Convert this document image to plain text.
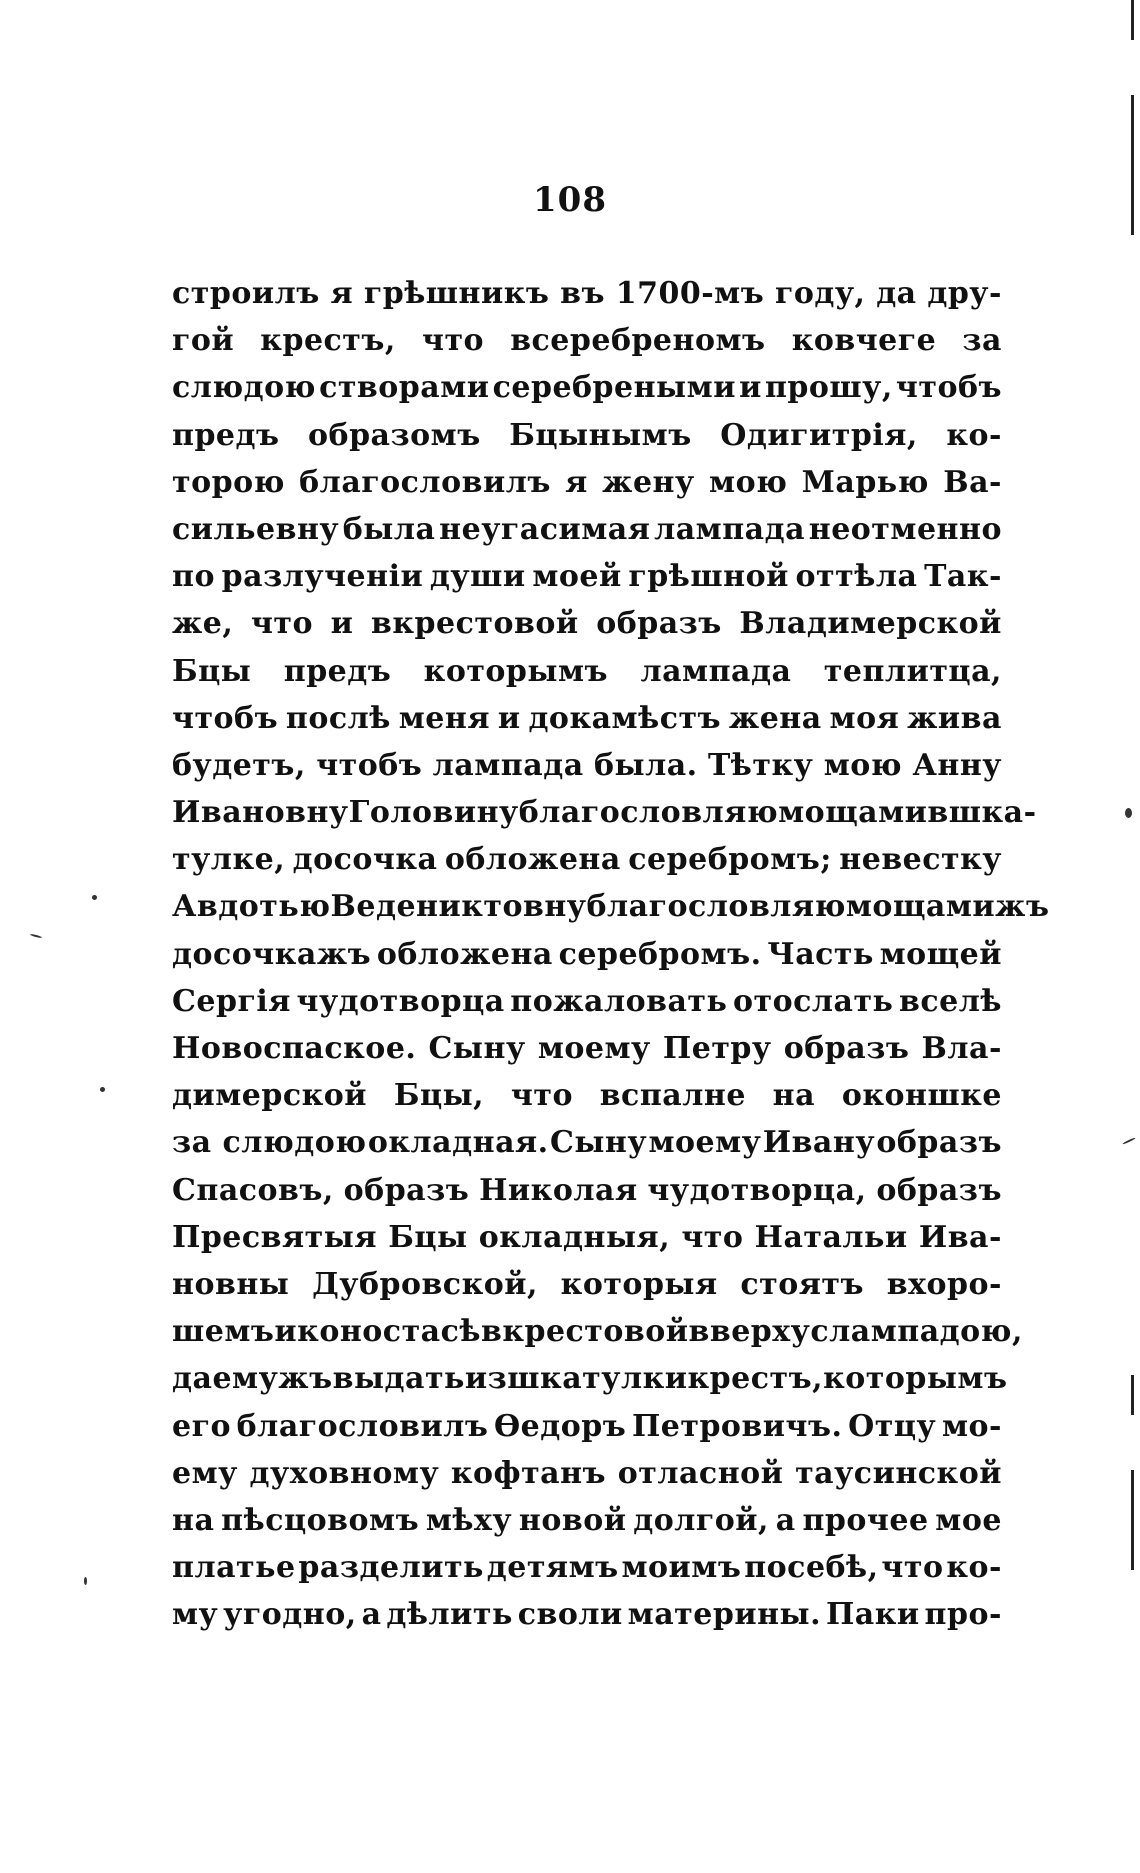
108
строилъ я грѣшникъ въ 1700-мъ году, да дру-
гой крестъ, что всеребреномъ ковчеге за
слюдою створами серебреными и прошу, чтобъ
предъ образомъ Бцынымъ Одигитрія, ко-
торою благословилъ я жену мою Марью Ва-
сильевну была неугасимая лампада неотменно
по разлученіи души моей грѣшной оттѣла Так-
же, что и вкрестовой образъ Владимерской
Бцы предъ которымъ лампада теплитца,
чтобъ послѣ меня и докамѣстъ жена моя жива
будетъ, чтобъ лампада была. Тѣтку мою Анну
Ивановну Головину благословляю мощами вшка-
тулке, досочка обложена серебромъ; невестку
Авдотью Ведениктовну благословляю мощамижъ
досочкажъ обложена серебромъ. Часть мощей
Сергія чудотворца пожаловать отослать вселѣ
Новоспаское. Сыну моему Петру образъ Вла-
димерской Бцы, что вспалне на оконшке
за слюдою окладная. Сыну моему Ивану образъ
Спасовъ, образъ Николая чудотворца, образъ
Пресвятыя Бцы окладныя, что Натальи Ива-
новны Дубровской, которыя стоятъ вхоро-
шемъ иконостасѣ вкрестовой вверху слампадою,
да емужъ выдать изшкатулки крестъ, которымъ
его благословилъ Ѳедоръ Петровичъ. Отцу мо-
ему духовному кофтанъ отласной таусинской
на пѣсцовомъ мѣху новой долгой, а прочее мое
платье разделить детямъ моимъ посебѣ, что ко-
му угодно, а дѣлить своли материны. Паки про-
